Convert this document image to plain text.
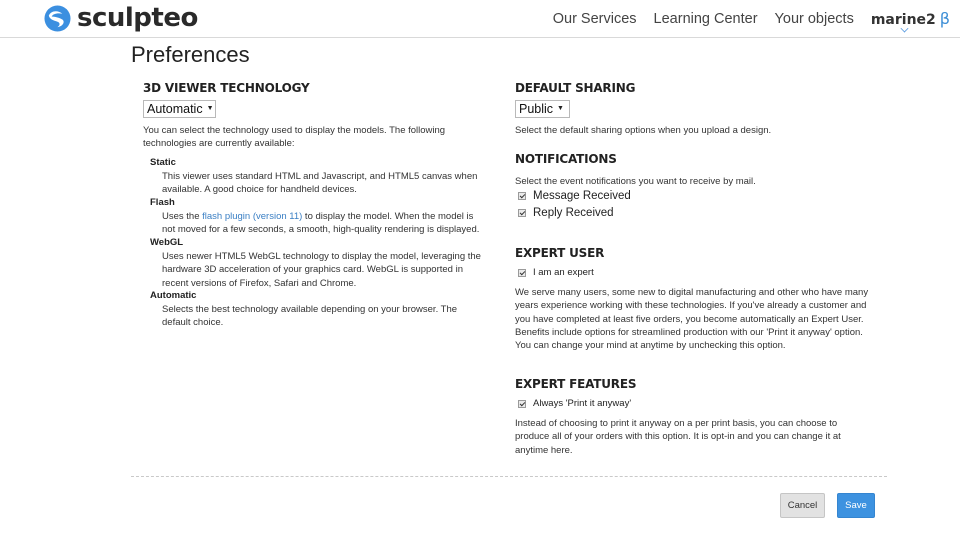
sculpteo	Our Services Learning Center Your objects marine2 β
Preferences
3D VIEWER TECHNOLOGY
Automatic ▼
You can select the technology used to display the models. The following technologies are currently available:
Static
This viewer uses standard HTML and Javascript, and HTML5 canvas when available. A good choice for handheld devices.
Flash
Uses the flash plugin (version 11) to display the model. When the model is not moved for a few seconds, a smooth, high-quality rendering is displayed.
WebGL
Uses newer HTML5 WebGL technology to display the model, leveraging the hardware 3D acceleration of your graphics card. WebGL is supported in recent versions of Firefox, Safari and Chrome.
Automatic
Selects the best technology available depending on your browser. The default choice.
DEFAULT SHARING
Public ▼
Select the default sharing options when you upload a design.
NOTIFICATIONS
Select the event notifications you want to receive by mail.
Message Received
Reply Received
EXPERT USER
I am an expert
We serve many users, some new to digital manufacturing and other who have many years experience working with these technologies. If you've already a customer and you have completed at least five orders, you become automatically an Expert User. Benefits include options for streamlined production with our 'Print it anyway' option. You can change your mind at anytime by unchecking this option.
EXPERT FEATURES
Always 'Print it anyway'
Instead of choosing to print it anyway on a per print basis, you can choose to produce all of your orders with this option. It is opt-in and you can change it at anytime here.
Cancel	Save
